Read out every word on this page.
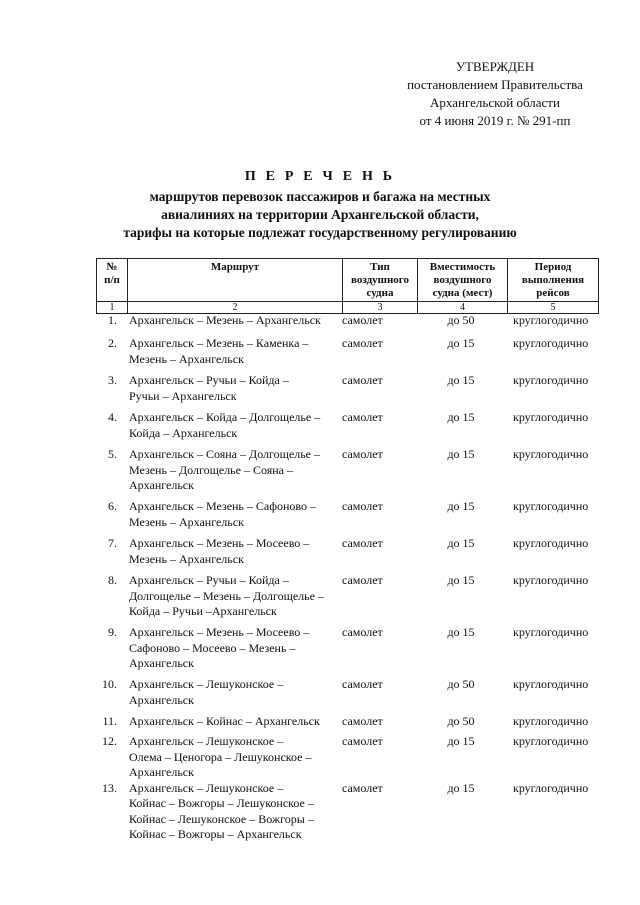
УТВЕРЖДЕН
постановлением Правительства
Архангельской области
от 4 июня 2019 г. № 291-пп
П Е Р Е Ч Е Н Ь
маршрутов перевозок пассажиров и багажа на местных
авиалиниях на территории Архангельской области,
тарифы на которые подлежат государственному регулированию
№
п/п	Маршрут	Тип
воздушного
судна	Вместимость
воздушного
судна (мест)	Период
выполнения
рейсов

1	2	3	4	5
1.	Архангельск – Мезень – Архангельск	самолет	до 50	круглогодично
2.	Архангельск – Мезень – Каменка –
Мезень – Архангельск	самолет	до 15	круглогодично
3.	Архангельск – Ручьи – Койда –
Ручьи – Архангельск	самолет	до 15	круглогодично
4.	Архангельск – Койда – Долгощелье –
Койда – Архангельск	самолет	до 15	круглогодично
5.	Архангельск – Сояна – Долгощелье –
Мезень – Долгощелье – Сояна –
Архангельск	самолет	до 15	круглогодично
6.	Архангельск – Мезень – Сафоново –
Мезень – Архангельск	самолет	до 15	круглогодично
7.	Архангельск – Мезень – Мосеево –
Мезень – Архангельск	самолет	до 15	круглогодично
8.	Архангельск – Ручьи – Койда –
Долгощелье – Мезень – Долгощелье –
Койда – Ручьи –Архангельск	самолет	до 15	круглогодично
9.	Архангельск – Мезень – Мосеево –
Сафоново – Мосеево – Мезень –
Архангельск	самолет	до 15	круглогодично
10.	Архангельск – Лешуконское –
Архангельск	самолет	до 50	круглогодично
11.	Архангельск – Койнас – Архангельск	самолет	до 50	круглогодично
12.	Архангельск – Лешуконское –
Олема – Ценогора – Лешуконское –
Архангельск	самолет	до 15	круглогодично
13.	Архангельск – Лешуконское –
Койнас – Вожгоры – Лешуконское –
Койнас – Лешуконское – Вожгоры –
Койнас – Вожгоры – Архангельск	самолет	до 15	круглогодично
